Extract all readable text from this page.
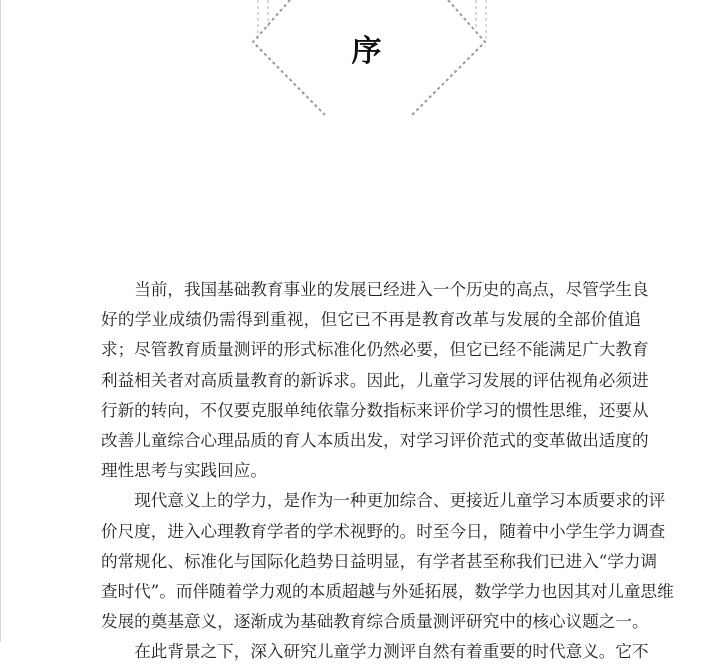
序

当前，我国基础教育事业的发展已经进入一个历史的高点，尽管学生良
好的学业成绩仍需得到重视，但它已不再是教育改革与发展的全部价值追
求；尽管教育质量测评的形式标准化仍然必要，但它已经不能满足广大教育
利益相关者对高质量教育的新诉求。因此，儿童学习发展的评估视角必须进
行新的转向，不仅要克服单纯依靠分数指标来评价学习的惯性思维，还要从
改善儿童综合心理品质的育人本质出发，对学习评价范式的变革做出适度的
理性思考与实践回应。

现代意义上的学力，是作为一种更加综合、更接近儿童学习本质要求的评
价尺度，进入心理教育学者的学术视野的。时至今日，随着中小学生学力调查
的常规化、标准化与国际化趋势日益明显，有学者甚至称我们已进入“学力调
查时代”。而伴随着学力观的本质超越与外延拓展，数学学力也因其对儿童思维
发展的奠基意义，逐渐成为基础教育综合质量测评研究中的核心议题之一。

在此背景之下，深入研究儿童学力测评自然有着重要的时代意义。它不
